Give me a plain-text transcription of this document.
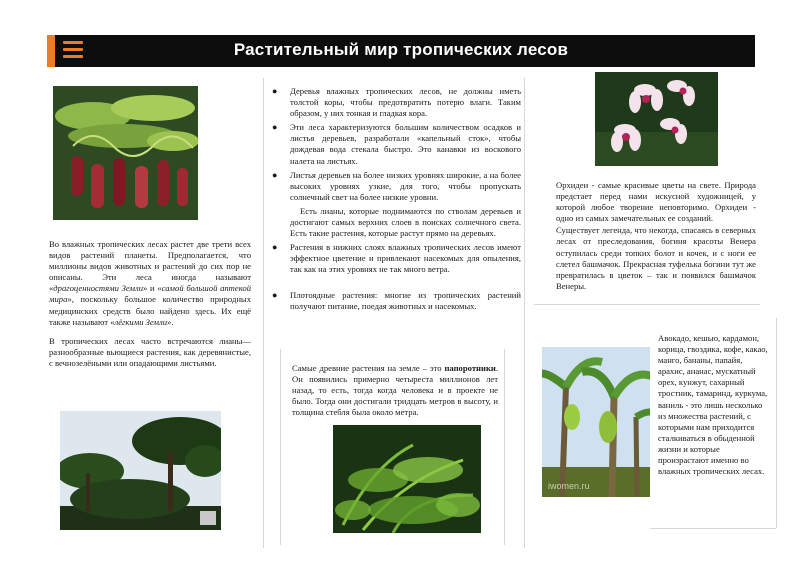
Растительный мир тропических лесов

Во влажных тропических лесах растет две трети всех видов растений планеты. Предполагается, что миллионы видов животных и растений до сих пор не описаны. Эти леса иногда называют «драгоценностями Земли» и «самой большой аптекой мира», поскольку большое количество природных медицинских средств было найдено здесь. Их ещё также называют «лёгкими Земли».

В тропических лесах часто встречаются лианы—разнообразные вьющиеся растения, как деревянистые, с вечнозелёными или опадающими листьями.

● Деревья влажных тропических лесов, не должны иметь толстой коры, чтобы предотвратить потерю влаги. Таким образом, у них тонкая и гладкая кора.
● Эти леса характеризуются большим количеством осадков и листья деревьев, разработали «капельный сток», чтобы дождевая вода стекала быстро. Это канавки из воскового налета на листьях.
● Листья деревьев на более низких уровнях широкие, а на более высоких уровнях узкие, для того, чтобы пропускать солнечный свет на более низкие уровни.
Есть лианы, которые поднимаются по стволам деревьев и достигают самых верхних слоев в поисках солнечного света. Есть такие растения, которые растут прямо на деревьях.
● Растения в нижних слоях влажных тропических лесов имеют эффектное цветение и привлекают насекомых для опыления, так как на этих уровнях не так много ветра.
● Плотоядные растения: многие из тропических растений получают питание, поедая животных и насекомых.
Самые древние растения на земле – это папоротники. Он появились примерно четыреста миллионов лет назад, то есть, тогда когда человека и в проекте не было. Тогда они достигали тридцать метров в высоту, и толщина стебля была около метра.

Орхидеи - самые красивые цветы на свете. Природа предстает перед нами искусной художницей, у которой любое творение неповторимо. Орхидеи - одно из самых замечательных ее созданий.

Существует легенда, что некогда, спасаясь в северных лесах от преследования, богиня красоты Венера оступилась среди топких болот и кочек, и с ноги ее слетел башмачок. Прекрасная туфелька богини тут же превратилась в цветок – так и появился башмачок Венеры.

iwomen.ru
Авокадо, кешью, кардамон, корица, гвоздика, кофе, какао, манго, бананы, папайя, арахис, ананас, мускатный орех, кунжут, сахарный тростник, тамаринд, куркума, ваниль - это лишь несколько из множества растений, с которыми нам приходится сталкиваться в обыденной жизни и которые произрастают именно во влажных тропических лесах.
